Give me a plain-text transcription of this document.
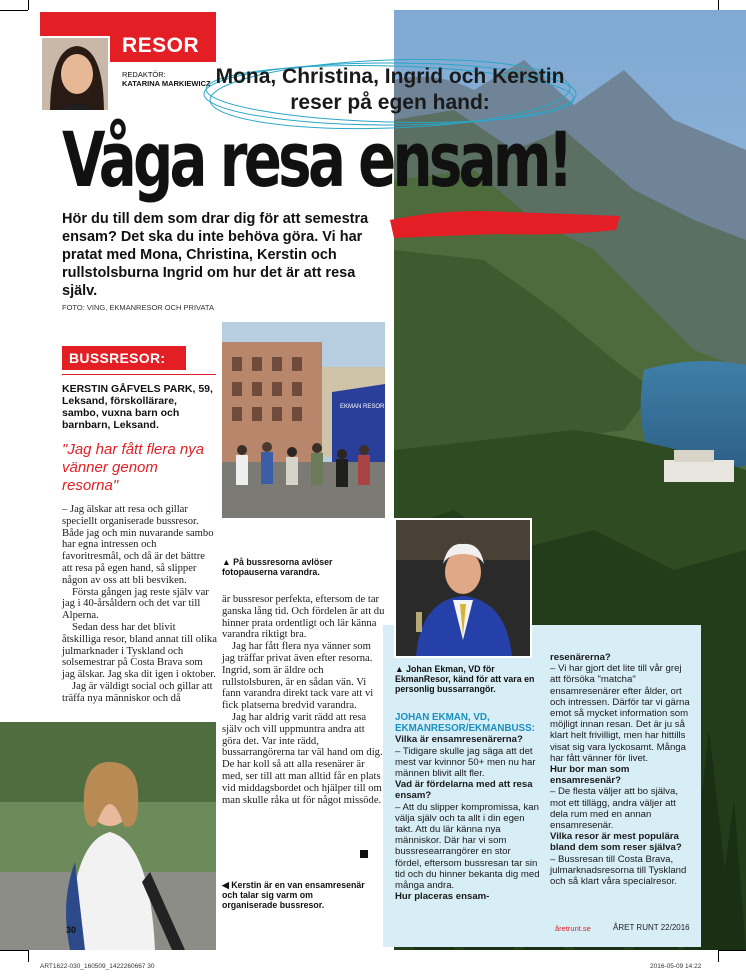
RESOR
REDAKTÖR:
KATARINA MARKIEWICZ Mona, Christina, Ingrid och Kerstin reser på egen hand:
Våga resa ensam!
Hör du till dem som drar dig för att semestra ensam? Det ska du inte behöva göra. Vi har pratat med Mona, Christina, Kerstin och rullstolsburna Ingrid om hur det är att resa själv.
FOTO: VING, EKMANRESOR OCH PRIVATA
EKMAN RESOR
▲ På bussresorna avlöser fotopauserna varandra.
BUSSRESOR:
KERSTIN GÅFVELS PARK, 59, Leksand, förskollärare, sambo, vuxna barn och barnbarn, Leksand.
"Jag har fått flera nya vänner genom resorna"

– Jag älskar att resa och gillar speciellt organiserade bussresor. Både jag och min nuvarande sambo har egna intressen och favoritresmål, och då är det bättre att resa på egen hand, så slipper någon av oss att bli besviken.

Första gången jag reste själv var jag i 40-årsåldern och det var till Alperna.

Sedan dess har det blivit åtskilliga resor, bland annat till olika julmarknader i Tyskland och solsemestrar på Costa Brava som jag älskar. Jag ska dit igen i oktober.

Jag är väldigt social och gillar att träffa nya människor och då

är bussresor perfekta, eftersom de tar ganska lång tid. Och fördelen är att du hinner prata ordentligt och lär känna varandra riktigt bra.

Jag har fått flera nya vänner som jag träffar privat även efter resorna. Ingrid, som är äldre och rullstolsburen, är en sådan vän. Vi fann varandra direkt tack vare att vi fick platserna bredvid varandra.

Jag har aldrig varit rädd att resa själv och vill uppmuntra andra att göra det. Var inte rädd, bussarrangörerna tar väl hand om dig. De har koll så att alla resenärer är med, ser till att man alltid får en plats vid middagsbordet och hjälper till om man skulle råka ut för något missöde.

30
◀ Kerstin är en van ensamresenär och talar sig varm om organiserade bussresor.
▲ Johan Ekman, VD för EkmanResor, känd för att vara en personlig bussarrangör.
JOHAN EKMAN, VD, EKMANRESOR/EKMANBUSS:
Vilka är ensamresenärerna?
– Tidigare skulle jag säga att det mest var kvinnor 50+ men nu har männen blivit allt fler.
Vad är fördelarna med att resa ensam?
– Att du slipper kompromissa, kan välja själv och ta allt i din egen takt. Att du lär känna nya människor. Där har vi som bussresearrangörer en stor fördel, eftersom bussresan tar sin tid och du hinner bekanta dig med många andra.
Hur placeras ensam-
resenärerna?
– Vi har gjort det lite till vår grej att försöka "matcha" ensamresenärer efter ålder, ort och intressen. Därför tar vi gärna emot så mycket information som möjligt innan resan. Det är ju så klart helt frivilligt, men har hittills visat sig vara lyckosamt. Många har fått vänner för livet.
Hur bor man som ensamresenär?
– De flesta väljer att bo själva, mot ett tillägg, andra väljer att dela rum med en annan ensamresenär.
Vilka resor är mest populära bland dem som reser själva?
– Bussresan till Costa Brava, julmarknadsresorna till Tyskland och så klart våra specialresor.
åretrunt.se	ÅRET RUNT 22/2016
ART1622-030_160509_1422260667 30	2016-05-09 14:22
